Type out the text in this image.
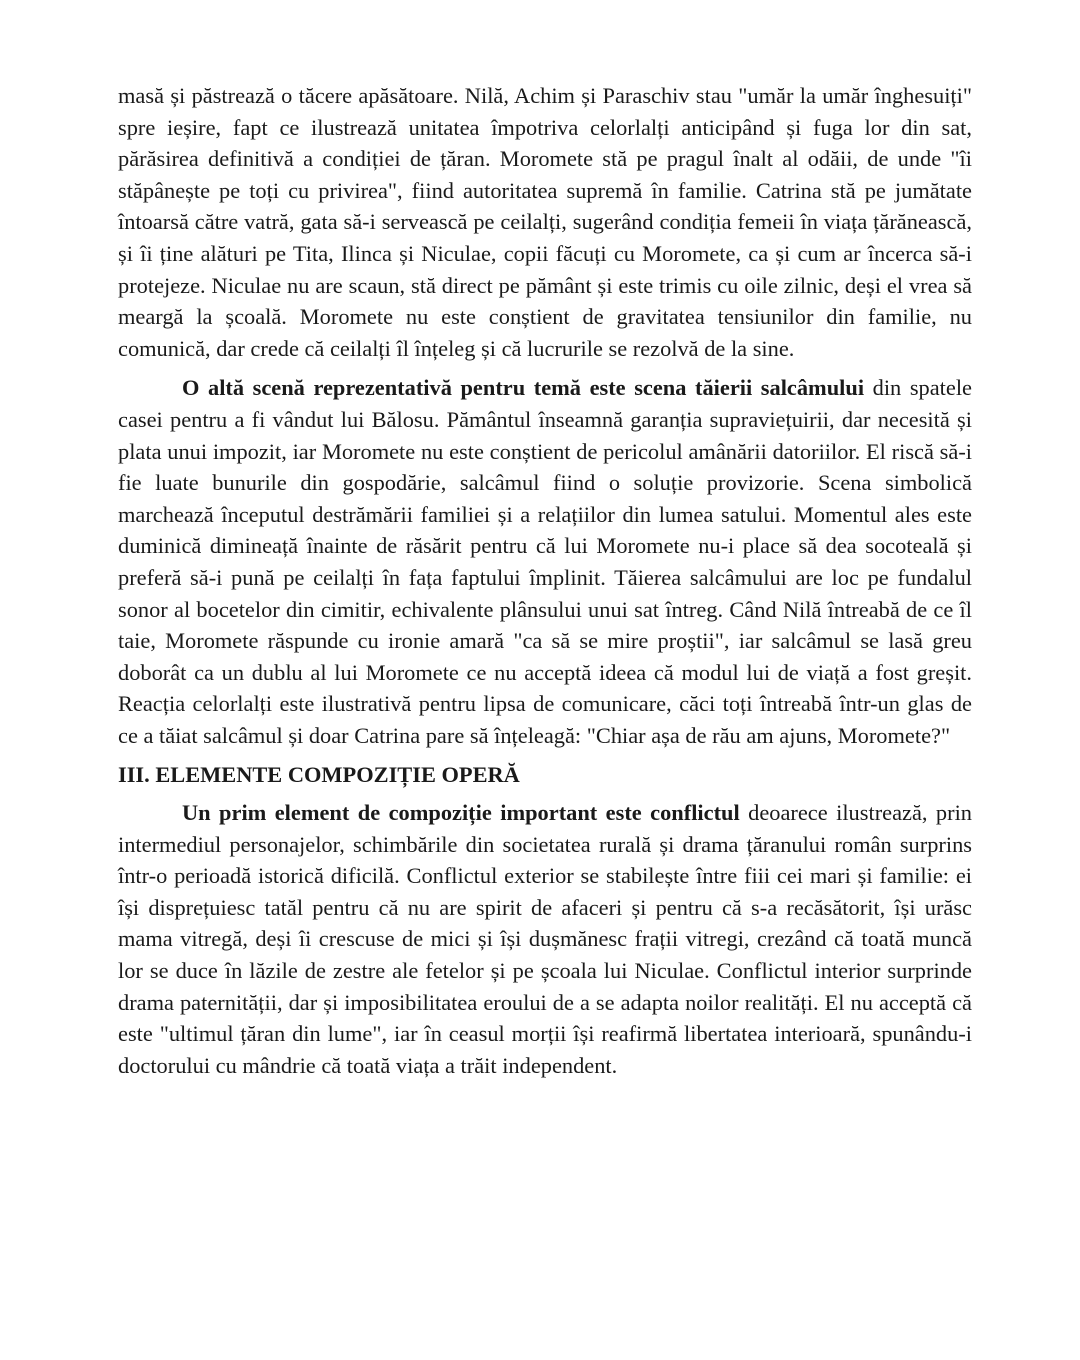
masă și păstrează o tăcere apăsătoare. Nilă, Achim și Paraschiv stau "umăr la umăr înghesuiți" spre ieșire, fapt ce ilustrează unitatea împotriva celorlalți anticipând și fuga lor din sat, părăsirea definitivă a condiției de țăran. Moromete stă pe pragul înalt al odăii, de unde "îi stăpânește pe toți cu privirea", fiind autoritatea supremă în familie. Catrina stă pe jumătate întoarsă către vatră, gata să-i servească pe ceilalți, sugerând condiția femeii în viața țărănească, și îi ține alături pe Tita, Ilinca și Niculae, copii făcuți cu Moromete, ca și cum ar încerca să-i protejeze. Niculae nu are scaun, stă direct pe pământ și este trimis cu oile zilnic, deși el vrea să meargă la școală. Moromete nu este conștient de gravitatea tensiunilor din familie, nu comunică, dar crede că ceilalți îl înțeleg și că lucrurile se rezolvă de la sine.

O altă scenă reprezentativă pentru temă este scena tăierii salcâmului din spatele casei pentru a fi vândut lui Bălosu. Pământul înseamnă garanția supraviețuirii, dar necesită și plata unui impozit, iar Moromete nu este conștient de pericolul amânării datoriilor. El riscă să-i fie luate bunurile din gospodărie, salcâmul fiind o soluție provizorie. Scena simbolică marchează începutul destrămării familiei și a relațiilor din lumea satului. Momentul ales este duminică dimineață înainte de răsărit pentru că lui Moromete nu-i place să dea socoteală și preferă să-i pună pe ceilalți în fața faptului împlinit. Tăierea salcâmului are loc pe fundalul sonor al bocetelor din cimitir, echivalente plânsului unui sat întreg. Când Nilă întreabă de ce îl taie, Moromete răspunde cu ironie amară "ca să se mire proștii", iar salcâmul se lasă greu doborât ca un dublu al lui Moromete ce nu acceptă ideea că modul lui de viață a fost greșit. Reacția celorlalți este ilustrativă pentru lipsa de comunicare, căci toți întreabă într-un glas de ce a tăiat salcâmul și doar Catrina pare să înțeleagă: "Chiar așa de rău am ajuns, Moromete?"

III. ELEMENTE COMPOZIȚIE OPERĂ

Un prim element de compoziție important este conflictul deoarece ilustrează, prin intermediul personajelor, schimbările din societatea rurală și drama țăranului român surprins într-o perioadă istorică dificilă. Conflictul exterior se stabilește între fiii cei mari și familie: ei își disprețuiesc tatăl pentru că nu are spirit de afaceri și pentru că s-a recăsătorit, își urăsc mama vitregă, deși îi crescuse de mici și își dușmănesc frații vitregi, crezând că toată muncă lor se duce în lăzile de zestre ale fetelor și pe școala lui Niculae. Conflictul interior surprinde drama paternității, dar și imposibilitatea eroului de a se adapta noilor realități. El nu acceptă că este "ultimul țăran din lume", iar în ceasul morții își reafirmă libertatea interioară, spunându-i doctorului cu mândrie că toată viața a trăit independent.
